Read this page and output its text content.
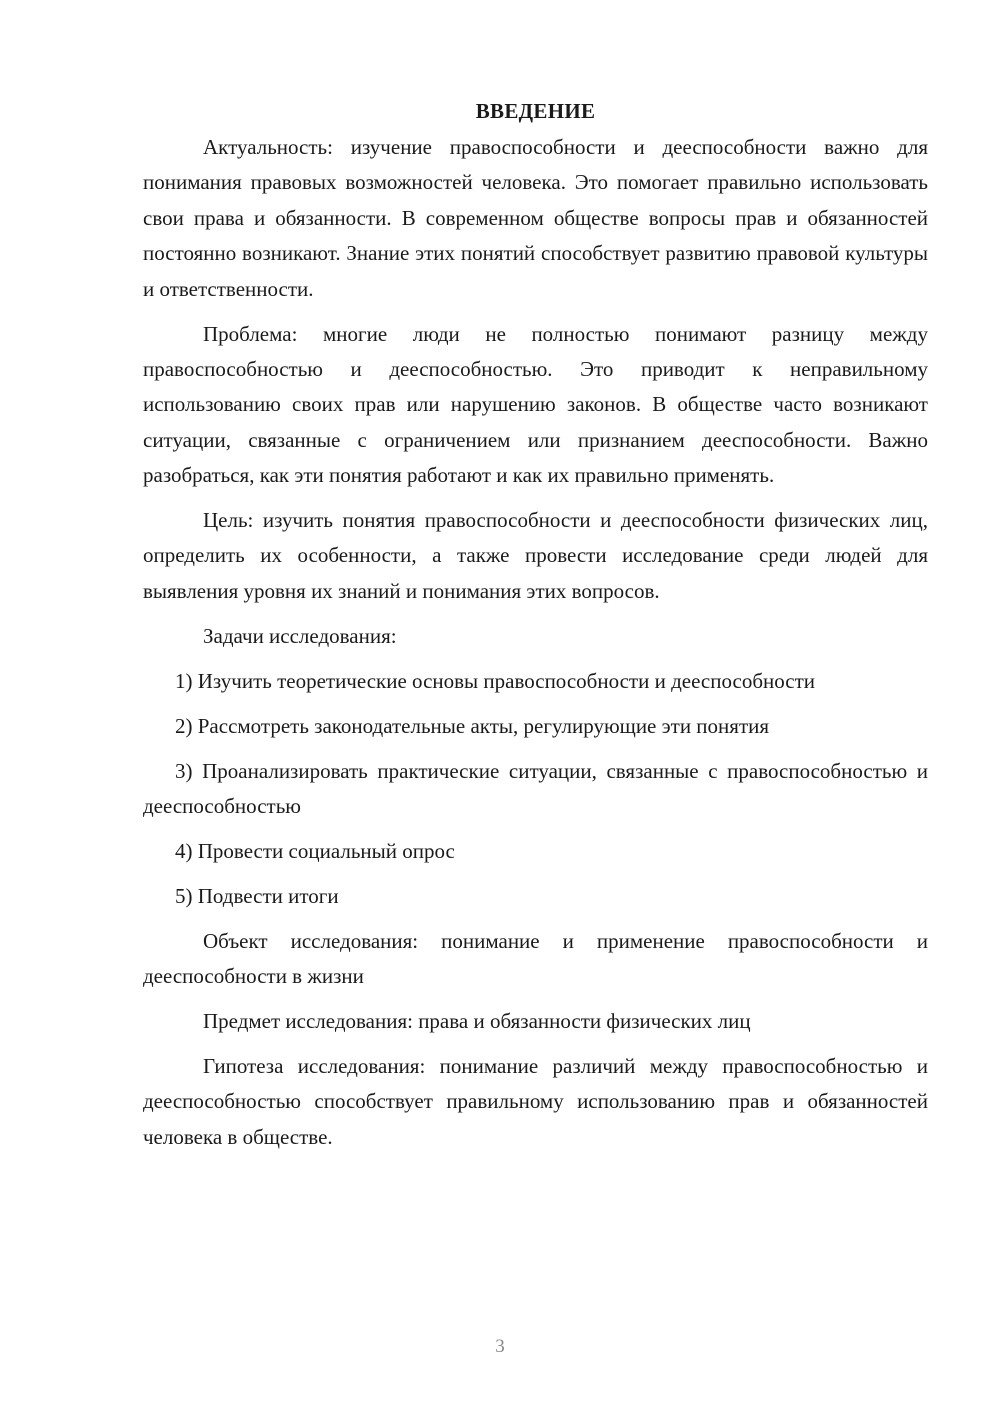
ВВЕДЕНИЕ

Актуальность: изучение правоспособности и дееспособности важно для понимания правовых возможностей человека. Это помогает правильно использовать свои права и обязанности. В современном обществе вопросы прав и обязанностей постоянно возникают. Знание этих понятий способствует развитию правовой культуры и ответственности.

Проблема: многие люди не полностью понимают разницу между правоспособностью и дееспособностью. Это приводит к неправильному использованию своих прав или нарушению законов. В обществе часто возникают ситуации, связанные с ограничением или признанием дееспособности. Важно разобраться, как эти понятия работают и как их правильно применять.

Цель: изучить понятия правоспособности и дееспособности физических лиц, определить их особенности, а также провести исследование среди людей для выявления уровня их знаний и понимания этих вопросов.

Задачи исследования:

1) Изучить теоретические основы правоспособности и дееспособности

2) Рассмотреть законодательные акты, регулирующие эти понятия

3) Проанализировать практические ситуации, связанные с правоспособностью и дееспособностью

4) Провести социальный опрос

5) Подвести итоги

Объект исследования: понимание и применение правоспособности и дееспособности в жизни

Предмет исследования: права и обязанности физических лиц

Гипотеза исследования: понимание различий между правоспособностью и дееспособностью способствует правильному использованию прав и обязанностей человека в обществе.

3
